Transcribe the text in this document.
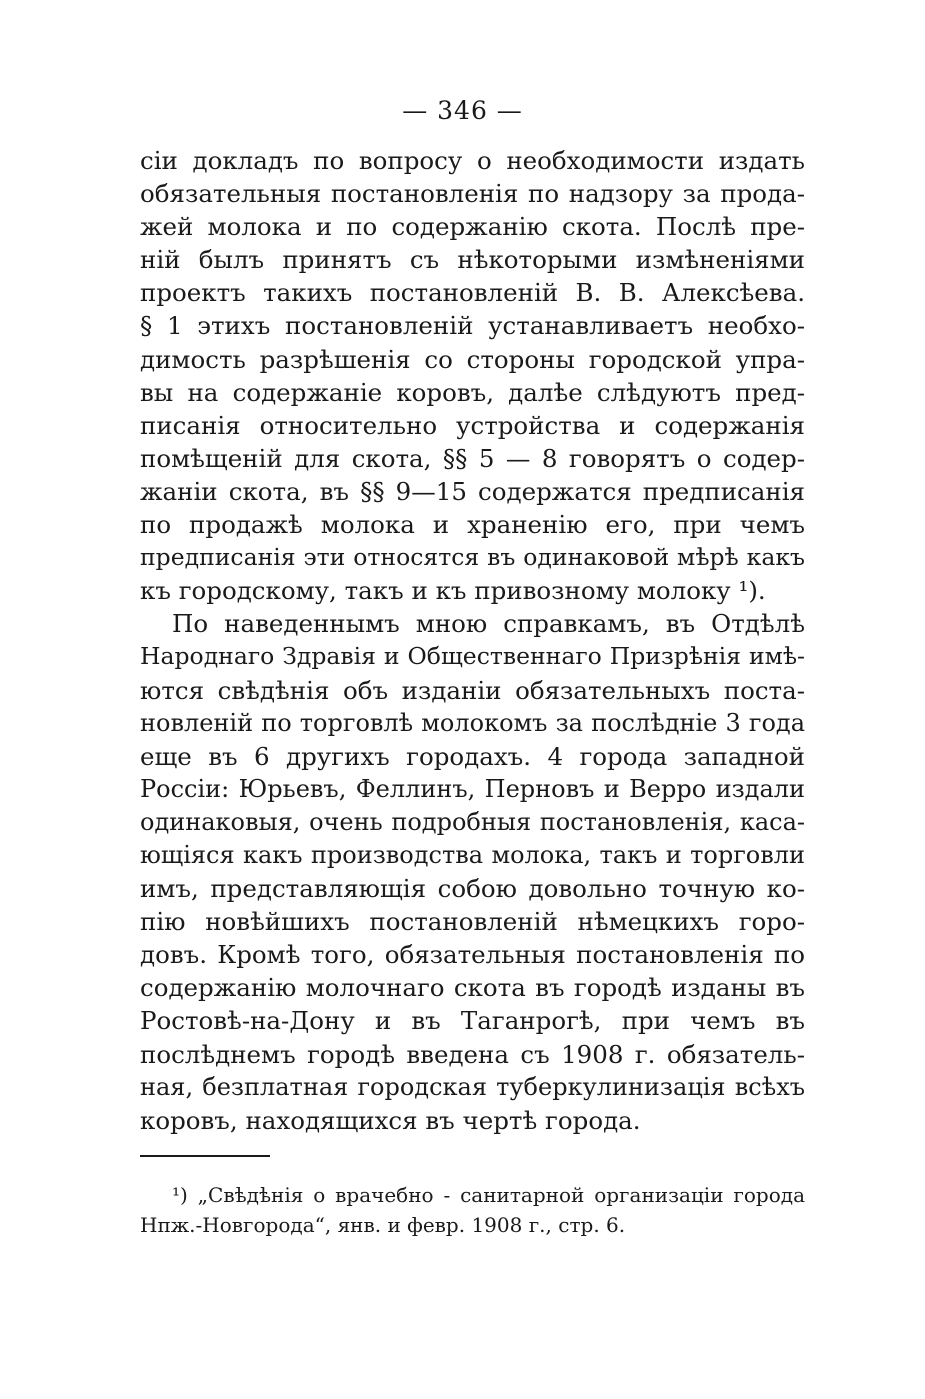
— 346 —
сіи докладъ по вопросу о необходимости издать
обязательныя постановленія по надзору за прода-
жей молока и по содержанію скота. Послѣ пре-
ній былъ принятъ съ нѣкоторыми измѣненіями
проектъ такихъ постановленій В. В. Алексѣева.
§ 1 этихъ постановленій устанавливаетъ необхо-
димость разрѣшенія со стороны городской упра-
вы на содержаніе коровъ, далѣе слѣдуютъ пред-
писанія относительно устройства и содержанія
помѣщеній для скота, §§ 5 — 8 говорятъ о содер-
жаніи скота, въ §§ 9—15 содержатся предписанія
по продажѣ молока и храненію его, при чемъ
предписанія эти относятся въ одинаковой мѣрѣ какъ
къ городскому, такъ и къ привозному молоку ¹).
По наведеннымъ мною справкамъ, въ Отдѣлѣ
Народнаго Здравія и Общественнаго Призрѣнія имѣ-
ются свѣдѣнія объ изданіи обязательныхъ поста-
новленій по торговлѣ молокомъ за послѣдніе 3 года
еще въ 6 другихъ городахъ. 4 города западной
Россіи: Юрьевъ, Феллинъ, Перновъ и Верро издали
одинаковыя, очень подробныя постановленія, каса-
ющіяся какъ производства молока, такъ и торговли
имъ, представляющія собою довольно точную ко-
пію новѣйшихъ постановленій нѣмецкихъ горо-
довъ. Кромѣ того, обязательныя постановленія по
содержанію молочнаго скота въ городѣ изданы въ
Ростовѣ-на-Дону и въ Таганрогѣ, при чемъ въ
послѣднемъ городѣ введена съ 1908 г. обязатель-
ная, безплатная городская туберкулинизація всѣхъ
коровъ, находящихся въ чертѣ города.
¹) „Свѣдѣнія о врачебно - санитарной организаціи города
Нпж.-Новгорода“, янв. и февр. 1908 г., стр. 6.
